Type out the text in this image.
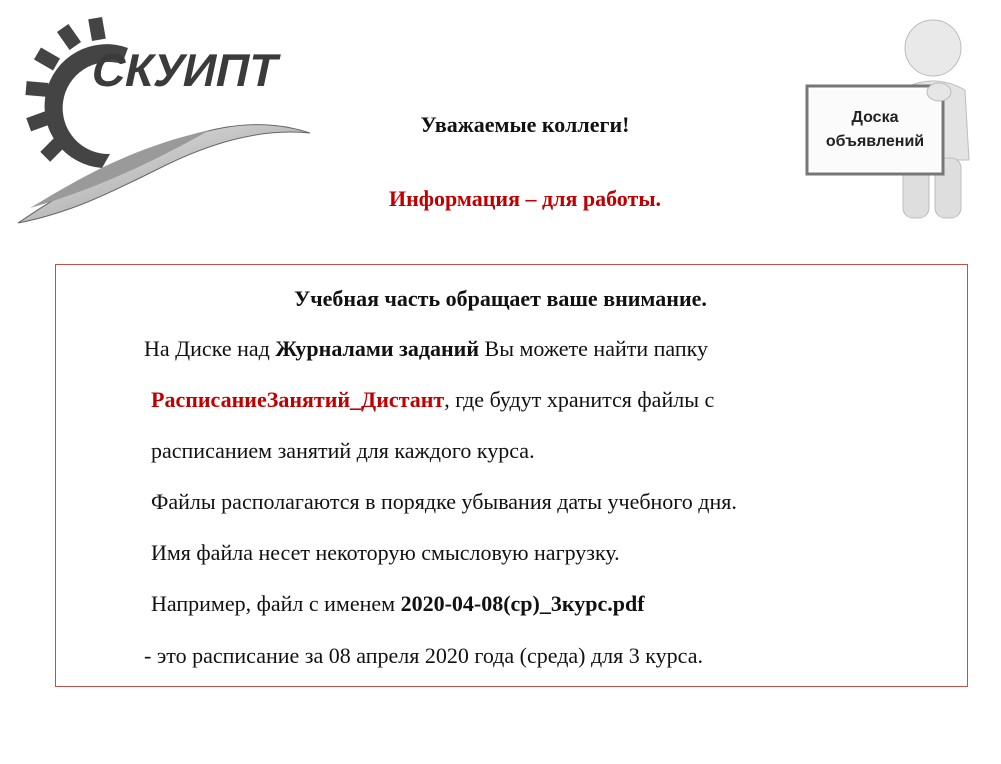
СКУИПТ
Доска
объявлений
Уважаемые коллеги!
Информация – для работы.
Учебная часть обращает ваше внимание.
На Диске над Журналами заданий Вы можете найти папку
РасписаниеЗанятий_Дистант, где будут хранится файлы с
расписанием занятий для каждого курса.
Файлы располагаются в порядке убывания даты учебного дня.
Имя файла несет некоторую смысловую нагрузку.
Например, файл с именем 2020-04-08(ср)_3курс.pdf
- это расписание за 08 апреля 2020 года (среда) для 3 курса.
